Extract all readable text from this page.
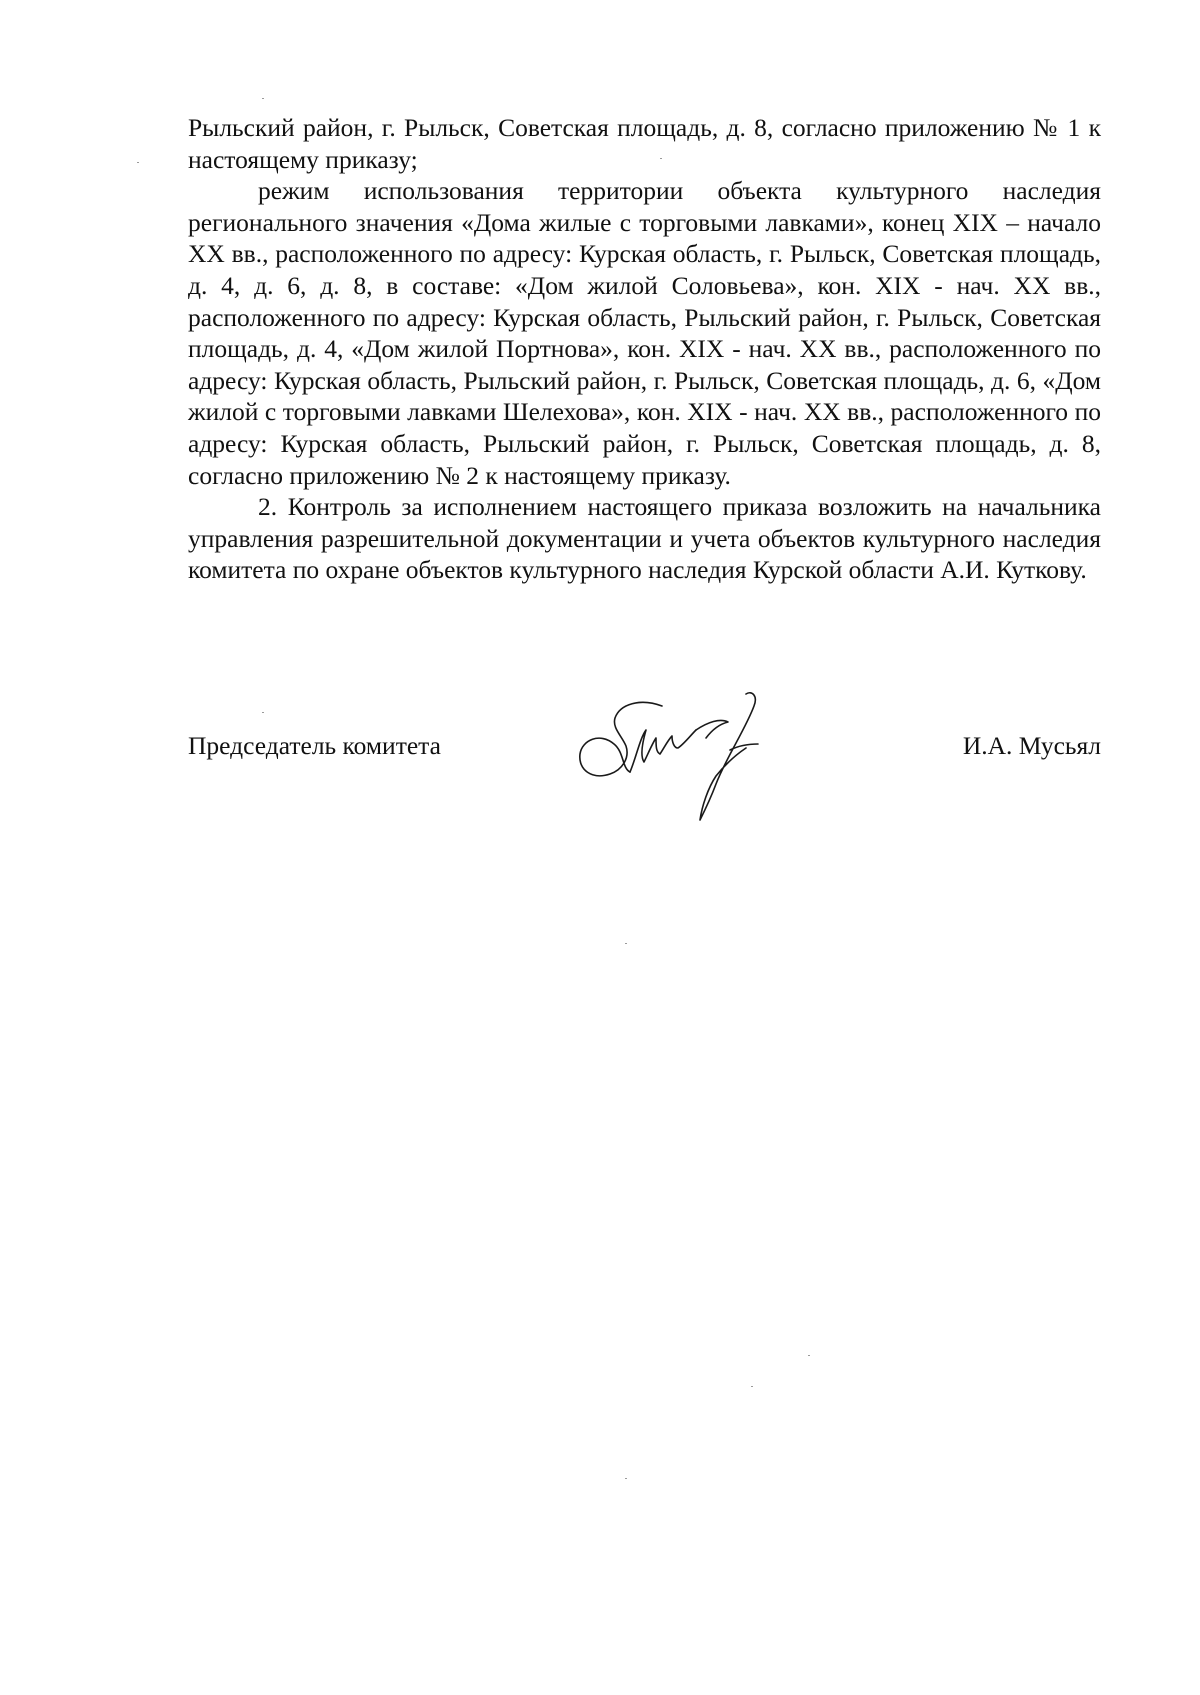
Рыльский район, г. Рыльск, Советская площадь, д. 8, согласно приложению № 1 к настоящему приказу;

режим использования территории объекта культурного наследия регионального значения «Дома жилые с торговыми лавками», конец XIX – начало XX вв., расположенного по адресу: Курская область, г. Рыльск, Советская площадь, д. 4, д. 6, д. 8, в составе: «Дом жилой Соловьева», кон. XIX - нач. XX вв., расположенного по адресу: Курская область, Рыльский район, г. Рыльск, Советская площадь, д. 4, «Дом жилой Портнова», кон. XIX - нач. XX вв., расположенного по адресу: Курская область, Рыльский район, г. Рыльск, Советская площадь, д. 6, «Дом жилой с торговыми лавками Шелехова», кон. XIX - нач. XX вв., расположенного по адресу: Курская область, Рыльский район, г. Рыльск, Советская площадь, д. 8, согласно приложению № 2 к настоящему приказу.

2. Контроль за исполнением настоящего приказа возложить на начальника управления разрешительной документации и учета объектов культурного наследия комитета по охране объектов культурного наследия Курской области А.И. Куткову.

Председатель комитета	И.А. Мусьял
